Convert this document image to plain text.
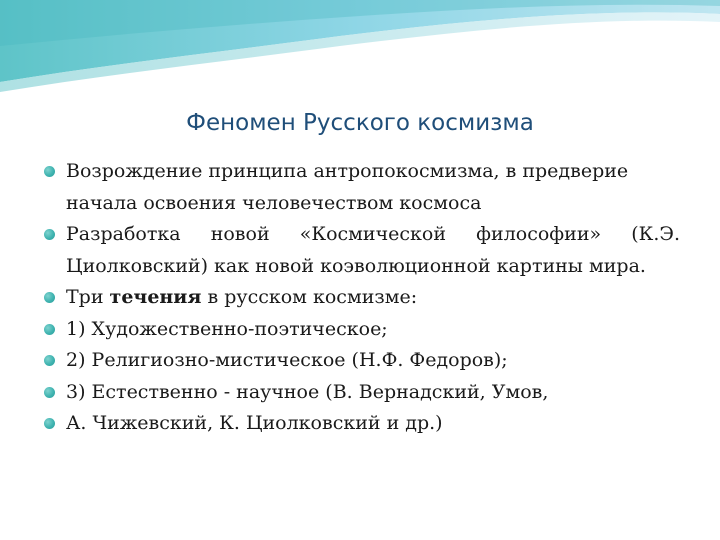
Феномен Русского космизма
Возрождение принципа антропокосмизма, в предверие начала освоения человечеством космоса
Разработка новой «Космической философии» (К.Э. Циолковский) как новой коэволюционной картины мира.
Три течения в русском космизме:
1) Художественно-поэтическое;
2) Религиозно-мистическое (Н.Ф. Федоров);
3) Естественно - научное (В. Вернадский, Умов,
А. Чижевский, К. Циолковский и др.)
